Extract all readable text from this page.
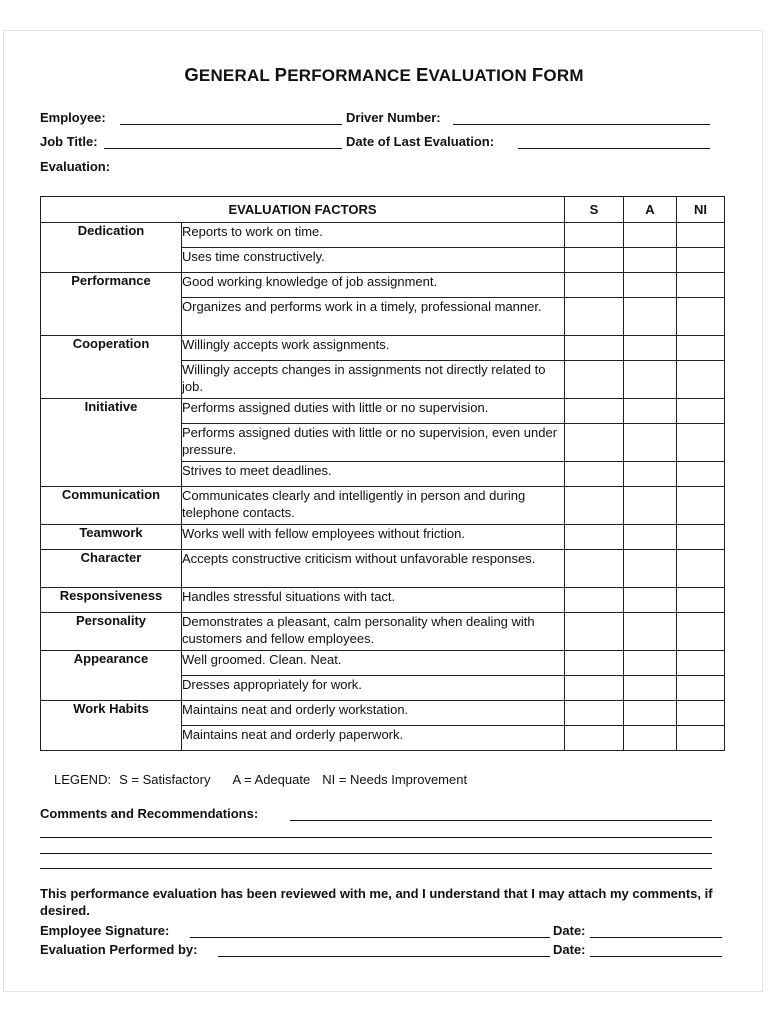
GENERAL PERFORMANCE EVALUATION FORM
Employee:	Driver Number:
Job Title:	Date of Last Evaluation:
Evaluation:
EVALUATION FACTORS		S	A	NI
Dedication	Reports to work on time.			
	Uses time constructively.			
Performance	Good working knowledge of job assignment.			
	Organizes and performs work in a timely, professional manner.			
Cooperation	Willingly accepts work assignments.			
	Willingly accepts changes in assignments not directly related to job.			
Initiative	Performs assigned duties with little or no supervision.			
	Performs assigned duties with little or no supervision, even under pressure.			
	Strives to meet deadlines.			
Communication	Communicates clearly and intelligently in person and during telephone contacts.			
Teamwork	Works well with fellow employees without friction.			
Character	Accepts constructive criticism without unfavorable responses.			
Responsiveness	Handles stressful situations with tact.			
Personality	Demonstrates a pleasant, calm personality when dealing with customers and fellow employees.			
Appearance	Well groomed. Clean. Neat.			
	Dresses appropriately for work.			
Work Habits	Maintains neat and orderly workstation.			
	Maintains neat and orderly paperwork.			
LEGEND: S = Satisfactory A = Adequate NI = Needs Improvement
Comments and Recommendations:
This performance evaluation has been reviewed with me, and I understand that I may attach my comments, if desired.
Employee Signature:	Date:
Evaluation Performed by:	Date:
